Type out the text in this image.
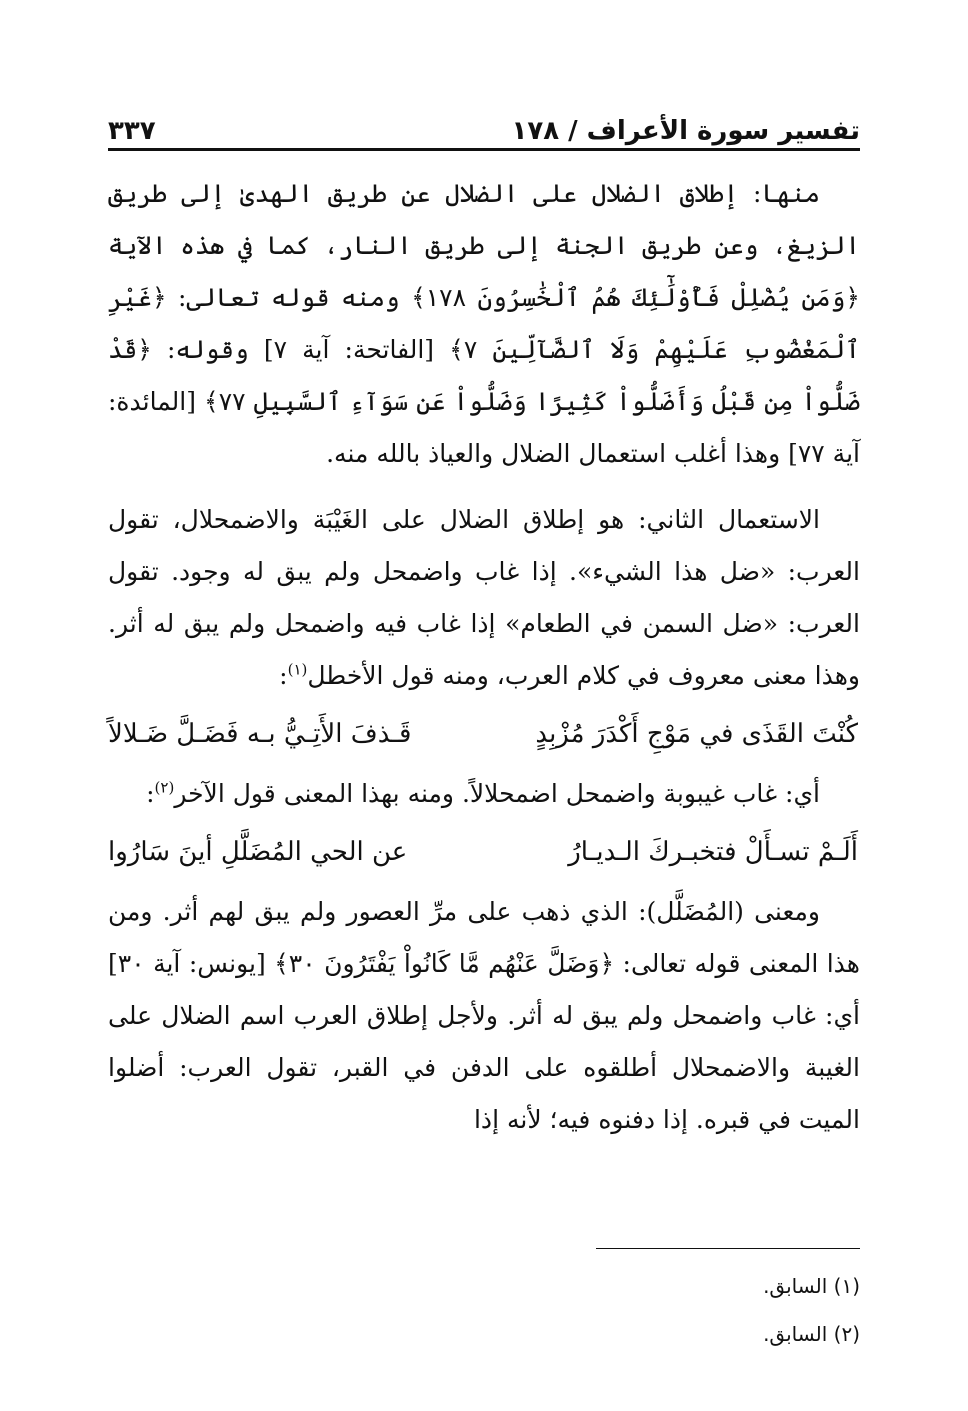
٣٣٧	تفسير سورة الأعراف / ١٧٨

منها: إطلاق الضلال على الضلال عن طريق الهدىٰ إلى طريق الزيغ، وعن طريق الجنة إلى طريق النار، كما في هذه الآية ﴿وَمَن يُضْلِلْ فَأُوْلَٰٓئِكَ هُمُ ٱلْخَٰسِرُونَ ١٧٨﴾ ومنه قوله تعالى: ﴿غَيْرِ ٱلْمَغْضُوبِ عَلَيْهِمْ وَلَا ٱلضَّآلِّينَ ٧﴾ [الفاتحة: آية ٧] وقوله: ﴿قَدْ ضَلُّواْ مِن قَبْلُ وَأَضَلُّواْ كَثِيرًا وَضَلُّواْ عَن سَوَآءِ ٱلسَّبِيلِ ٧٧﴾ [المائدة: آية ٧٧] وهذا أغلب استعمال الضلال والعياذ بالله منه.

الاستعمال الثاني: هو إطلاق الضلال على الغَيْبَة والاضمحلال، تقول العرب: «ضل هذا الشيء». إذا غاب واضمحل ولم يبق له وجود. تقول العرب: «ضل السمن في الطعام» إذا غاب فيه واضمحل ولم يبق له أثر. وهذا معنى معروف في كلام العرب، ومنه قول الأخطل$^{(١)}$:

كُنْتَ القَذَى في مَوْجِ أَكْدَرَ مُزْبِدٍ
قَـذفَ الأَتِـيُّ بـه فَضَـلَّ ضَـلالاً

أي: غاب غيبوبة واضمحل اضمحلالاً. ومنه بهذا المعنى قول الآخر$^{(٢)}$:

أَلَـمْ تسـأَلْ فتخبـركَ الـديـارُ
عن الحي المُضَلَّلِ أينَ سَارُوا

ومعنى (المُضَلَّل): الذي ذهب على مرِّ العصور ولم يبق لهم أثر. ومن هذا المعنى قوله تعالى: ﴿وَضَلَّ عَنْهُم مَّا كَانُواْ يَفْتَرُونَ ٣٠﴾ [يونس: آية ٣٠] أي: غاب واضمحل ولم يبق له أثر. ولأجل إطلاق العرب اسم الضلال على الغيبة والاضمحلال أطلقوه على الدفن في القبر، تقول العرب: أضلوا الميت في قبره. إذا دفنوه فيه؛ لأنه إذا

(١) السابق.
(٢) السابق.
